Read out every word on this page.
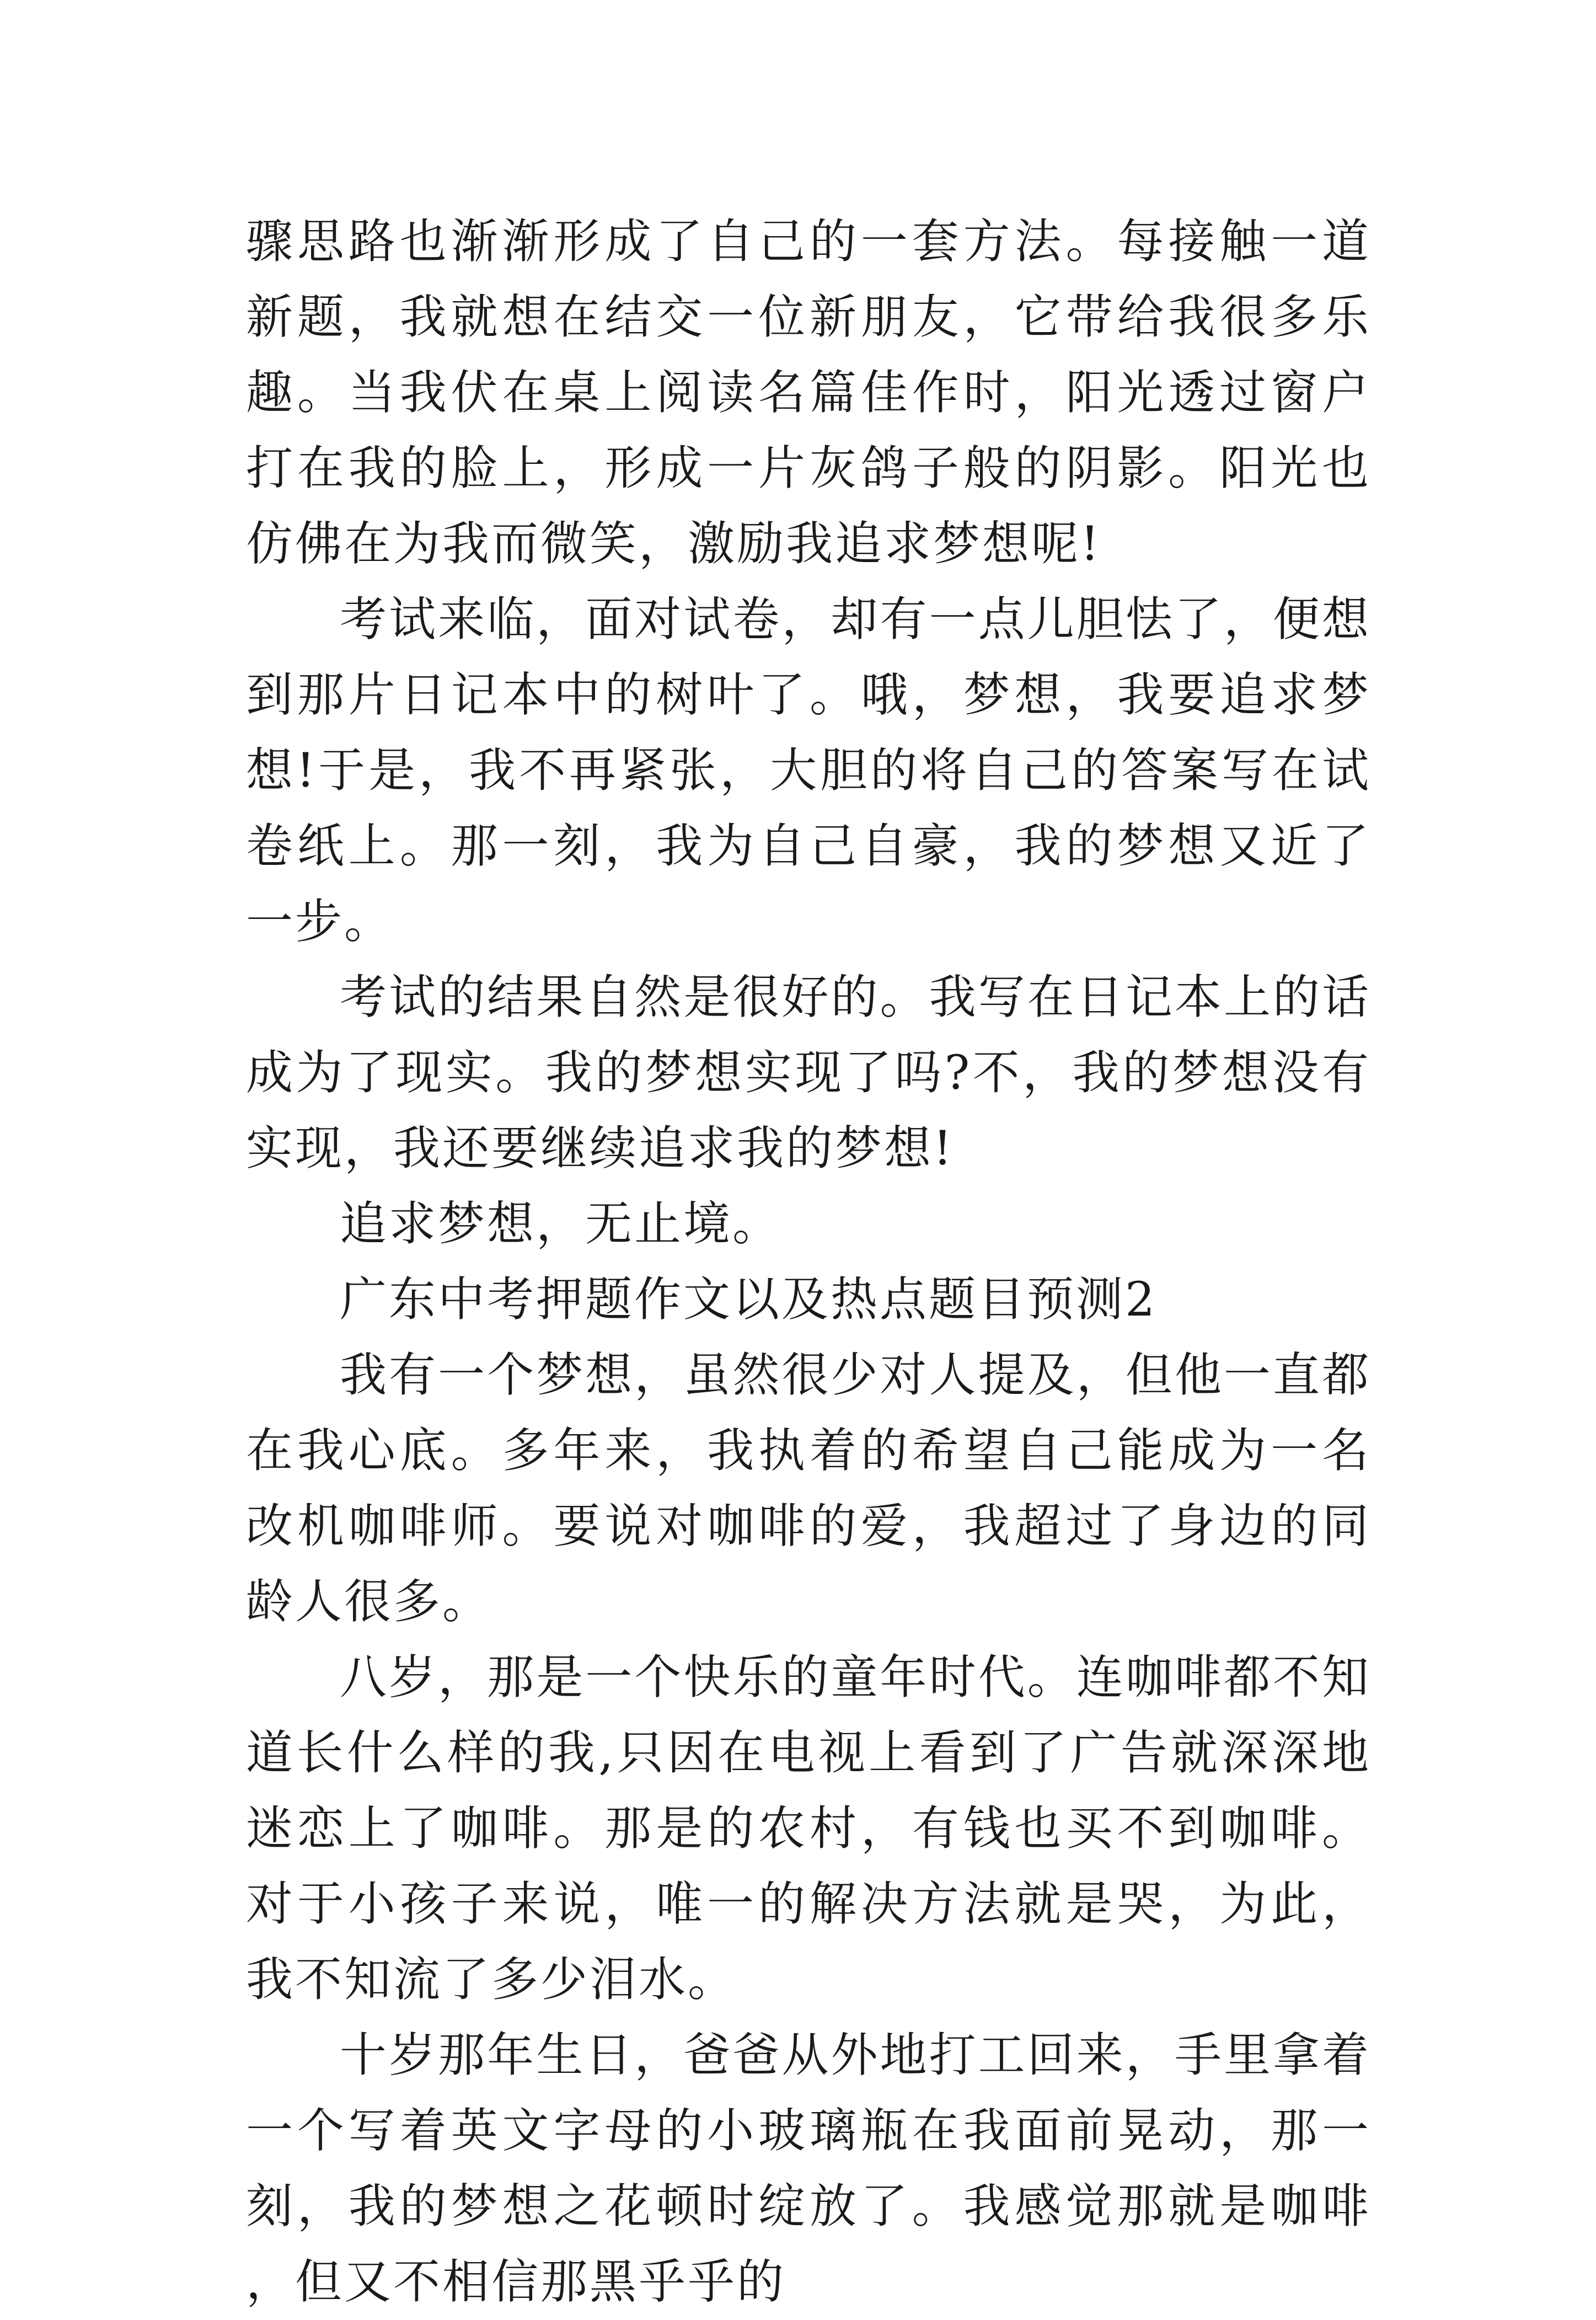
骤思路也渐渐形成了自己的一套方法。每接触一道新题，我就想在结交一位新朋友，它带给我很多乐趣。当我伏在桌上阅读名篇佳作时，阳光透过窗户打在我的脸上，形成一片灰鸽子般的阴影。阳光也仿佛在为我而微笑，激励我追求梦想呢!

考试来临，面对试卷，却有一点儿胆怯了，便想到那片日记本中的树叶了。哦，梦想，我要追求梦想!于是，我不再紧张，大胆的将自己的答案写在试卷纸上。那一刻，我为自己自豪，我的梦想又近了一步。

考试的结果自然是很好的。我写在日记本上的话成为了现实。我的梦想实现了吗?不，我的梦想没有实现，我还要继续追求我的梦想!

追求梦想，无止境。

广东中考押题作文以及热点题目预测2

我有一个梦想，虽然很少对人提及，但他一直都在我心底。多年来，我执着的希望自己能成为一名改机咖啡师。要说对咖啡的爱，我超过了身边的同龄人很多。

八岁，那是一个快乐的童年时代。连咖啡都不知道长什么样的我,只因在电视上看到了广告就深深地迷恋上了咖啡。那是的农村，有钱也买不到咖啡。对于小孩子来说，唯一的解决方法就是哭，为此，我不知流了多少泪水。

十岁那年生日，爸爸从外地打工回来，手里拿着一个写着英文字母的小玻璃瓶在我面前晃动，那一刻，我的梦想之花顿时绽放了。我感觉那就是咖啡，但又不相信那黑乎乎的
